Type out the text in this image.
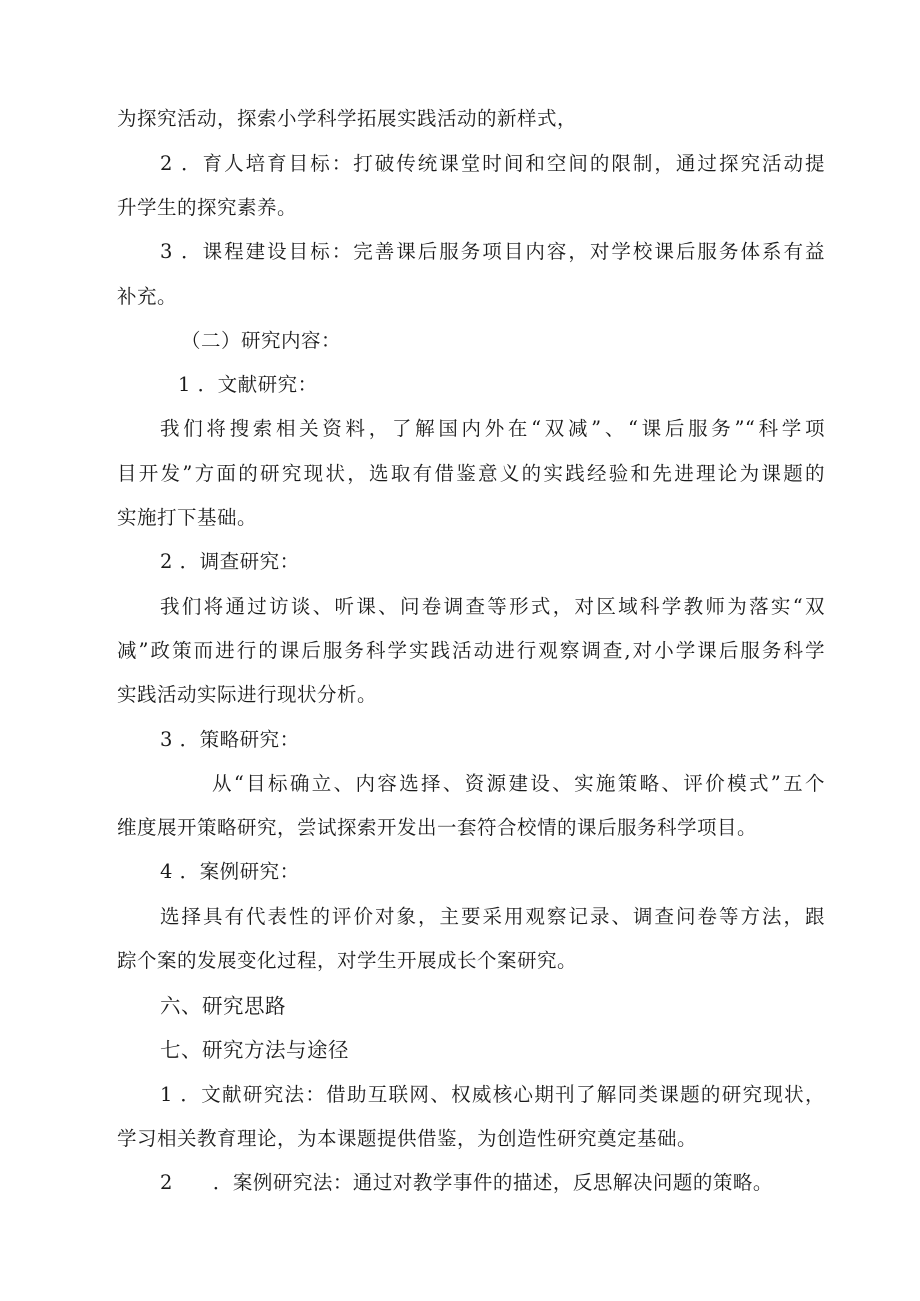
为探究活动，探索小学科学拓展实践活动的新样式，
2 ．育人培育目标：打破传统课堂时间和空间的限制，通过探究活动提
升学生的探究素养。
3 ．课程建设目标：完善课后服务项目内容，对学校课后服务体系有益
补充。
（二）研究内容：
1 ．文献研究：
我们将搜索相关资料，了解国内外在“双减”、“课后服务”“科学项
目开发”方面的研究现状，选取有借鉴意义的实践经验和先进理论为课题的
实施打下基础。
2 ．调查研究：
我们将通过访谈、听课、问卷调查等形式，对区域科学教师为落实“双
减”政策而进行的课后服务科学实践活动进行观察调查,对小学课后服务科学
实践活动实际进行现状分析。
3 ．策略研究：
从“目标确立、内容选择、资源建设、实施策略、评价模式”五个
维度展开策略研究，尝试探索开发出一套符合校情的课后服务科学项目。
4 ．案例研究：
选择具有代表性的评价对象，主要采用观察记录、调查问卷等方法，跟
踪个案的发展变化过程，对学生开展成长个案研究。
六、研究思路
七、研究方法与途径
1 ．文献研究法：借助互联网、权威核心期刊了解同类课题的研究现状，
学习相关教育理论，为本课题提供借鉴，为创造性研究奠定基础。
2　　．案例研究法：通过对教学事件的描述，反思解决问题的策略。
